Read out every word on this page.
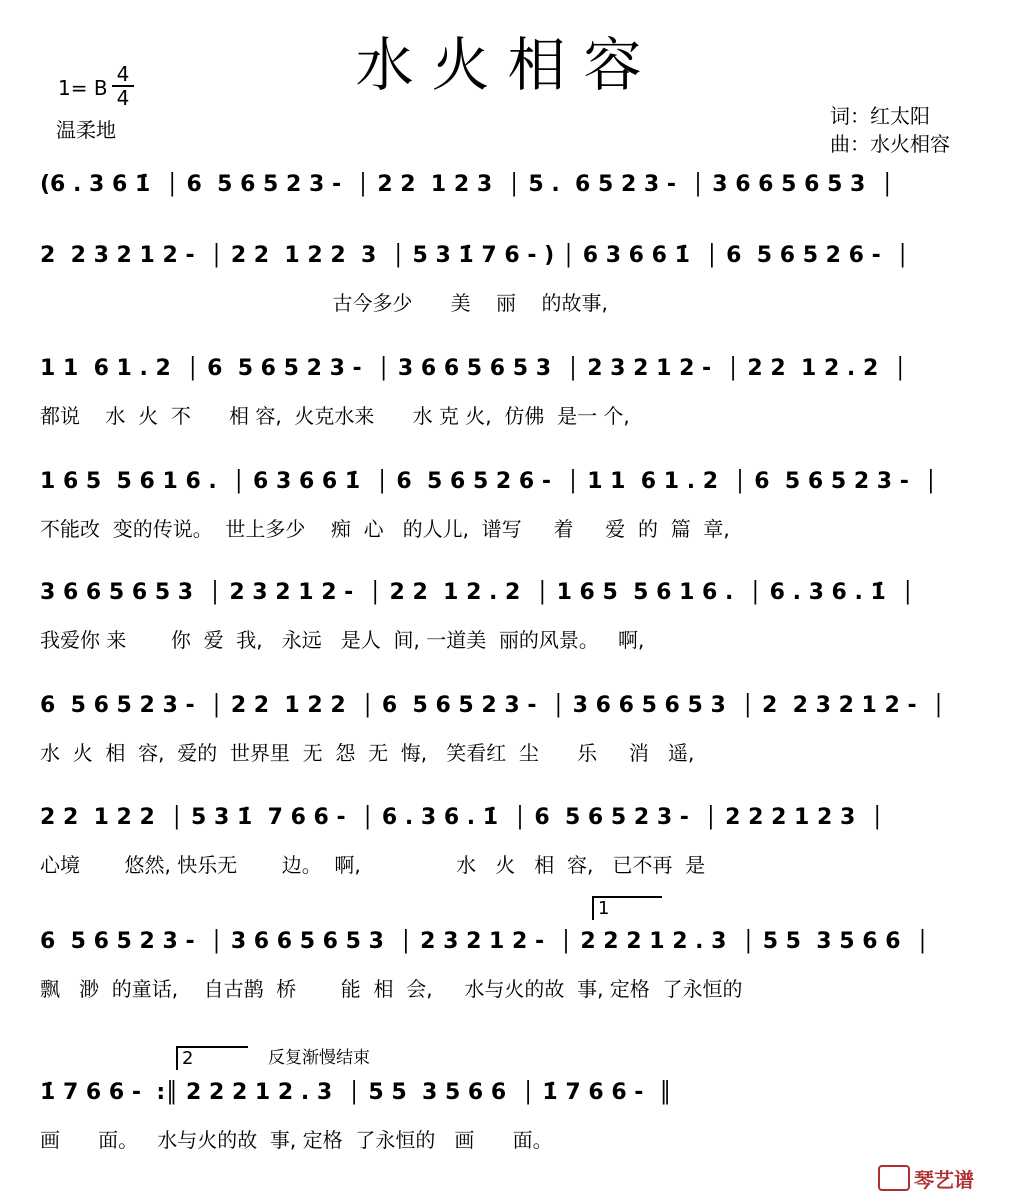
水火相容
1= B
4
4
温柔地
词：红太阳
曲：水火相容
(6 . 3 6 1̇  │ 6  5 6 5 2 3 -  │ 2 2  1 2 3  │ 5 .  6 5 2 3 -  │ 3 6 6 5 6 5 3  │
2  2 3 2 1 2 -  │ 2 2  1 2 2  3  │ 5 3 1̇ 7 6 - ) │ 6 3 6 6 1̇  │ 6  5 6 5 2 6 -  │
古今多少      美    丽    的故事,
1 1  6 1 . 2  │ 6  5 6 5 2 3 -  │ 3 6 6 5 6 5 3  │ 2 3 2 1 2 -  │ 2 2  1 2 . 2  │
都说    水  火  不      相 容,  火克水来      水 克 火,  仿佛  是一 个,
1 6 5  5 6 1 6 .  │ 6 3 6 6 1̇  │ 6  5 6 5 2 6 -  │ 1 1  6 1 . 2  │ 6  5 6 5 2 3 -  │
不能改  变的传说。  世上多少    痴  心   的人儿,  谱写     着     爱  的  篇  章,
3 6 6 5 6 5 3  │ 2 3 2 1 2 -  │ 2 2  1 2 . 2  │ 1 6 5  5 6 1 6 .  │ 6 . 3 6 . 1̇  │
我爱你 来       你  爱  我,   永远   是人  间, 一道美  丽的风景。   啊,
6  5 6 5 2 3 -  │ 2 2  1 2 2  │ 6  5 6 5 2 3 -  │ 3 6 6 5 6 5 3  │ 2  2 3 2 1 2 -  │
水  火  相  容,  爱的  世界里  无  怨  无  悔,   笑看红  尘      乐     消   遥,
2 2  1 2 2  │ 5 3 1̇  7 6 6 -  │ 6 . 3 6 . 1̇  │ 6  5 6 5 2 3 -  │ 2 2 2 1 2 3  │
心境       悠然, 快乐无       边。  啊,               水   火   相  容,   已不再  是
1
6  5 6 5 2 3 -  │ 3 6 6 5 6 5 3  │ 2 3 2 1 2 -  │ 2 2 2 1 2 . 3  │ 5 5  3 5 6 6  │
飘   渺  的童话,    自古鹊  桥       能  相  会,     水与火的故  事, 定格  了永恒的
反复渐慢结束
2
1̇ 7 6 6 -  :║ 2 2 2 1 2 . 3  │ 5 5  3 5 6 6  │ 1̇ 7 6 6 -  ║
画      面。   水与火的故  事, 定格  了永恒的   画      面。
琴艺谱
